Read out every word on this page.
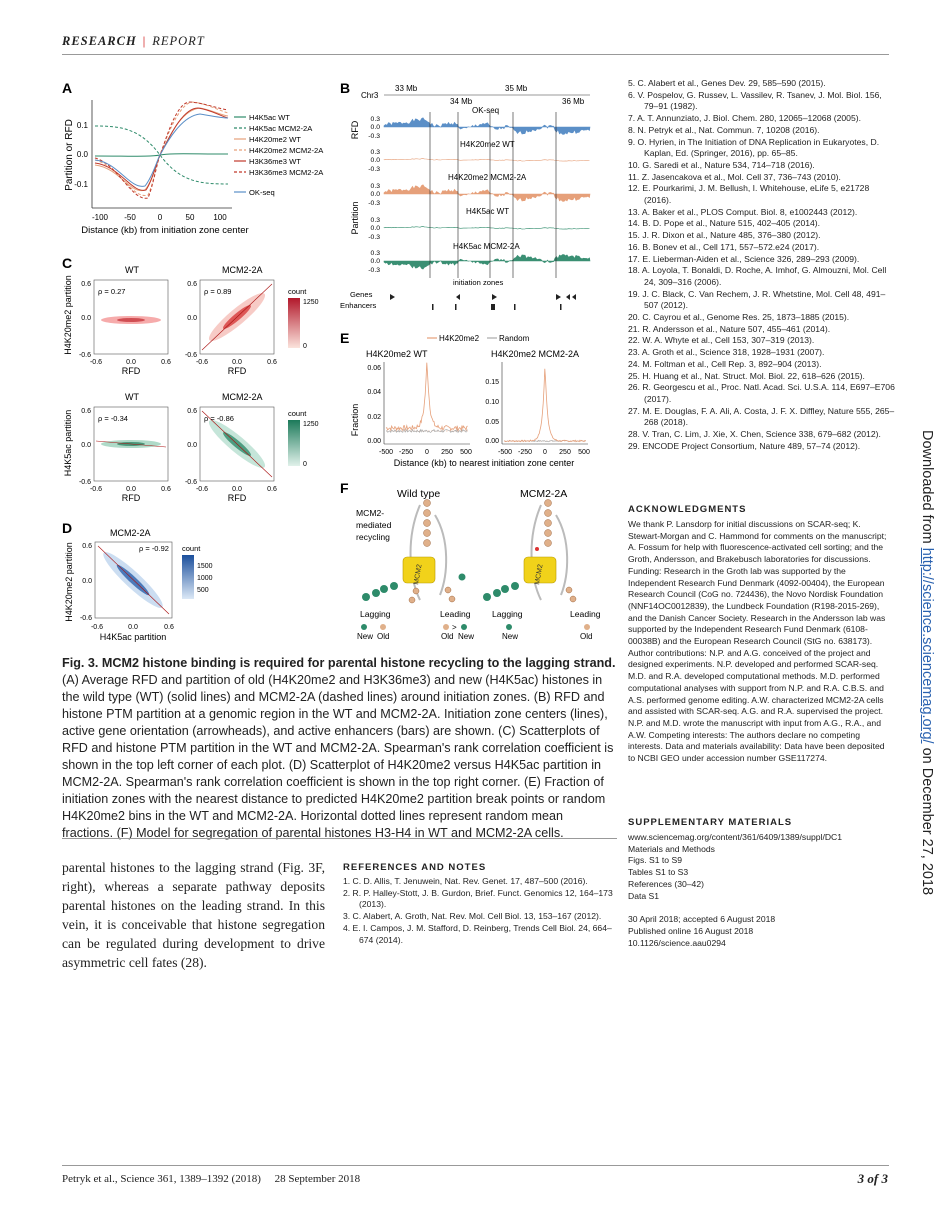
RESEARCH | REPORT
A
Partition or RFD 0.1
0.0
-0.1
-100 -50	0	50 100
Distance (kb) from initiation zone center
H4K5ac WT
H4K5ac MCM2-2A
H4K20me2 WT
H4K20me2 MCM2-2A
H3K36me3 WT
H3K36me3 MCM2-2A
OK-seq
B Chr3
33 Mb	35 Mb
34 Mb	36 Mb
RFD
Partition
OK-seq
H4K20me2 WT
H4K20me2 MCM2-2A
H4K5ac WT
H4K5ac MCM2-2A
0.3
0.0
-0.3
0.3
0.0
-0.3
0.3
0.0
-0.3
0.3
0.0
-0.3
0.3
0.0
-0.3
initiation zones
Genes
Enhancers
C	WT	MCM2-2A
WT	MCM2-2A
H4K20me2 partition
H4K5ac partition
ρ = 0.27	ρ = 0.89
ρ = -0.34	ρ = -0.86
0.6
0.0
-0.6
0.6
0.0
-0.6
0.6
0.0
-0.6
0.6
0.0
-0.6
-0.6	0.0	0.6	-0.6	0.0	0.6
-0.6	0.0	0.6	-0.6	0.0	0.6
RFD	RFD
RFD	RFD
count
1250
0
count
1250
0
D	MCM2-2A
H4K20me2 partition	ρ = -0.92
0.6
0.0
-0.6
-0.6	0.0	0.6
H4K5ac partition
count
1500
1000
500
E	H4K20me2 Random
H4K20me2 WT	H4K20me2 MCM2-2A
Fraction
0.06
0.04
0.02
0.00
0.15
0.10
0.05
0.00
-500 -250 0 250 500	-500 -250 0 250 500
Distance (kb) to nearest initiation zone center
F	Wild type	MCM2-2A
MCM2-
mediated
recycling
MCM2	MCM2
Lagging	Leading Lagging	Leading
New Old
>
Old New	New	Old
Fig. 3. MCM2 histone binding is required for parental histone recycling to the lagging strand. (A) Average RFD and partition of old (H4K20me2 and H3K36me3) and new (H4K5ac) histones in the wild type (WT) (solid lines) and MCM2-2A (dashed lines) around initiation zones. (B) RFD and histone PTM partition at a genomic region in the WT and MCM2-2A. Initiation zone centers (lines), active gene orientation (arrowheads), and active enhancers (bars) are shown. (C) Scatterplots of RFD and histone PTM partition in the WT and MCM2-2A. Spearman's rank correlation coefficient is shown in the top left corner of each plot. (D) Scatterplot of H4K20me2 versus H4K5ac partition in MCM2-2A. Spearman's rank correlation coefficient is shown in the top right corner. (E) Fraction of initiation zones with the nearest distance to predicted H4K20me2 partition break points or random H4K20me2 bins in the WT and MCM2-2A. Horizontal dotted lines represent random mean fractions. (F) Model for segregation of parental histones H3-H4 in WT and MCM2-2A cells.
parental histones to the lagging strand (Fig. 3F, right), whereas a separate pathway deposits parental histones on the leading strand. In this vein, it is conceivable that histone segregation can be regulated during development to drive asymmetric cell fates (28).
REFERENCES AND NOTES
1. C. D. Allis, T. Jenuwein, Nat. Rev. Genet. 17, 487–500 (2016).
2. R. P. Halley-Stott, J. B. Gurdon, Brief. Funct. Genomics 12, 164–173 (2013).
3. C. Alabert, A. Groth, Nat. Rev. Mol. Cell Biol. 13, 153–167 (2012).
4. E. I. Campos, J. M. Stafford, D. Reinberg, Trends Cell Biol. 24, 664–674 (2014).
5. C. Alabert et al., Genes Dev. 29, 585–590 (2015).
6. V. Pospelov, G. Russev, L. Vassilev, R. Tsanev, J. Mol. Biol. 156, 79–91 (1982).
7. A. T. Annunziato, J. Biol. Chem. 280, 12065–12068 (2005).
8. N. Petryk et al., Nat. Commun. 7, 10208 (2016).
9. O. Hyrien, in The Initiation of DNA Replication in Eukaryotes, D. Kaplan, Ed. (Springer, 2016), pp. 65–85.
10. G. Saredi et al., Nature 534, 714–718 (2016).
11. Z. Jasencakova et al., Mol. Cell 37, 736–743 (2010).
12. E. Pourkarimi, J. M. Bellush, I. Whitehouse, eLife 5, e21728 (2016).
13. A. Baker et al., PLOS Comput. Biol. 8, e1002443 (2012).
14. B. D. Pope et al., Nature 515, 402–405 (2014).
15. J. R. Dixon et al., Nature 485, 376–380 (2012).
16. B. Bonev et al., Cell 171, 557–572.e24 (2017).
17. E. Lieberman-Aiden et al., Science 326, 289–293 (2009).
18. A. Loyola, T. Bonaldi, D. Roche, A. Imhof, G. Almouzni, Mol. Cell 24, 309–316 (2006).
19. J. C. Black, C. Van Rechem, J. R. Whetstine, Mol. Cell 48, 491–507 (2012).
20. C. Cayrou et al., Genome Res. 25, 1873–1885 (2015).
21. R. Andersson et al., Nature 507, 455–461 (2014).
22. W. A. Whyte et al., Cell 153, 307–319 (2013).
23. A. Groth et al., Science 318, 1928–1931 (2007).
24. M. Foltman et al., Cell Rep. 3, 892–904 (2013).
25. H. Huang et al., Nat. Struct. Mol. Biol. 22, 618–626 (2015).
26. R. Georgescu et al., Proc. Natl. Acad. Sci. U.S.A. 114, E697–E706 (2017).
27. M. E. Douglas, F. A. Ali, A. Costa, J. F. X. Diffley, Nature 555, 265–268 (2018).
28. V. Tran, C. Lim, J. Xie, X. Chen, Science 338, 679–682 (2012).
29. ENCODE Project Consortium, Nature 489, 57–74 (2012).
ACKNOWLEDGMENTS
We thank P. Lansdorp for initial discussions on SCAR-seq; K. Stewart-Morgan and C. Hammond for comments on the manuscript; A. Fossum for help with fluorescence-activated cell sorting; and the Groth, Andersson, and Brakebusch laboratories for discussions. Funding: Research in the Groth lab was supported by the Independent Research Fund Denmark (4092-00404), the European Research Council (CoG no. 724436), the Novo Nordisk Foundation (NNF14OC0012839), the Lundbeck Foundation (R198-2015-269), and the Danish Cancer Society. Research in the Andersson lab was supported by the Independent Research Fund Denmark (6108-00038B) and the European Research Council (StG no. 638173). Author contributions: N.P. and A.G. conceived of the project and designed experiments. N.P. developed and performed SCAR-seq. M.D. and R.A. developed computational methods. M.D. performed computational analyses with support from N.P. and R.A. C.B.S. and A.S. performed genome editing. A.W. characterized MCM2-2A cells and assisted with SCAR-seq. A.G. and R.A. supervised the project. N.P. and M.D. wrote the manuscript with input from A.G., R.A., and A.W. Competing interests: The authors declare no competing interests. Data and materials availability: Data have been deposited to NCBI GEO under accession number GSE117274.
SUPPLEMENTARY MATERIALS
www.sciencemag.org/content/361/6409/1389/suppl/DC1
Materials and Methods
Figs. S1 to S9
Tables S1 to S3
References (30–42)
Data S1
30 April 2018; accepted 6 August 2018
Published online 16 August 2018
10.1126/science.aau0294
Downloaded from http://science.sciencemag.org/ on December 27, 2018
Petryk et al., Science 361, 1389–1392 (2018) 28 September 2018	3 of 3
